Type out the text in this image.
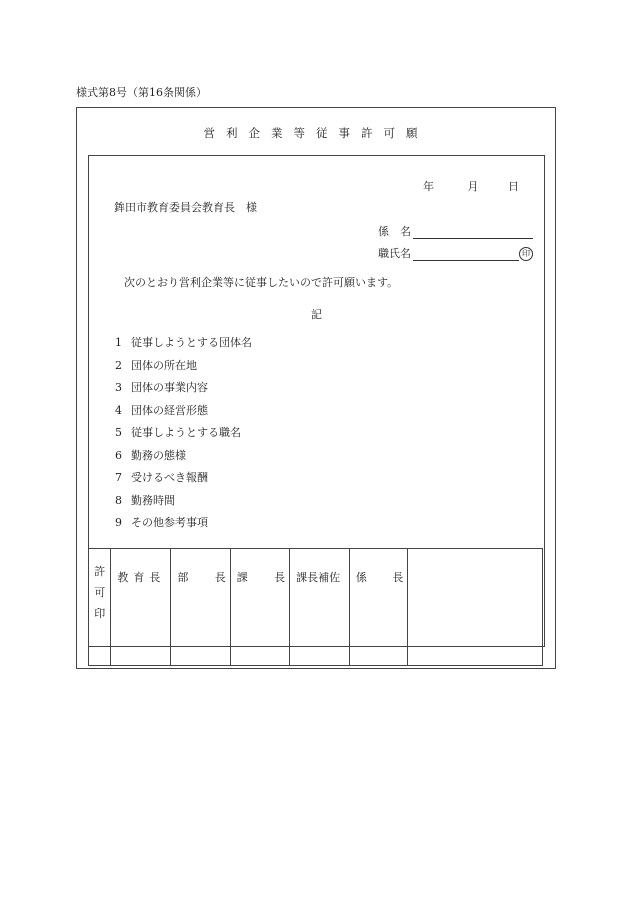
様式第8号（第16条関係）
営利企業等従事許可願
年	月	日
鉾田市教育委員会教育長　様
係　名
職氏名	印
次のとおり営利企業等に従事したいので許可願います。
記
1 従事しようとする団体名
2 団体の所在地
3 団体の事業内容
4 団体の経営形態
5 従事しようとする職名
6 勤務の態様
7 受けるべき報酬
8 勤務時間
9 その他参考事項
許
可
印
	教育長	部 長	課 長	課長補佐	係 長
